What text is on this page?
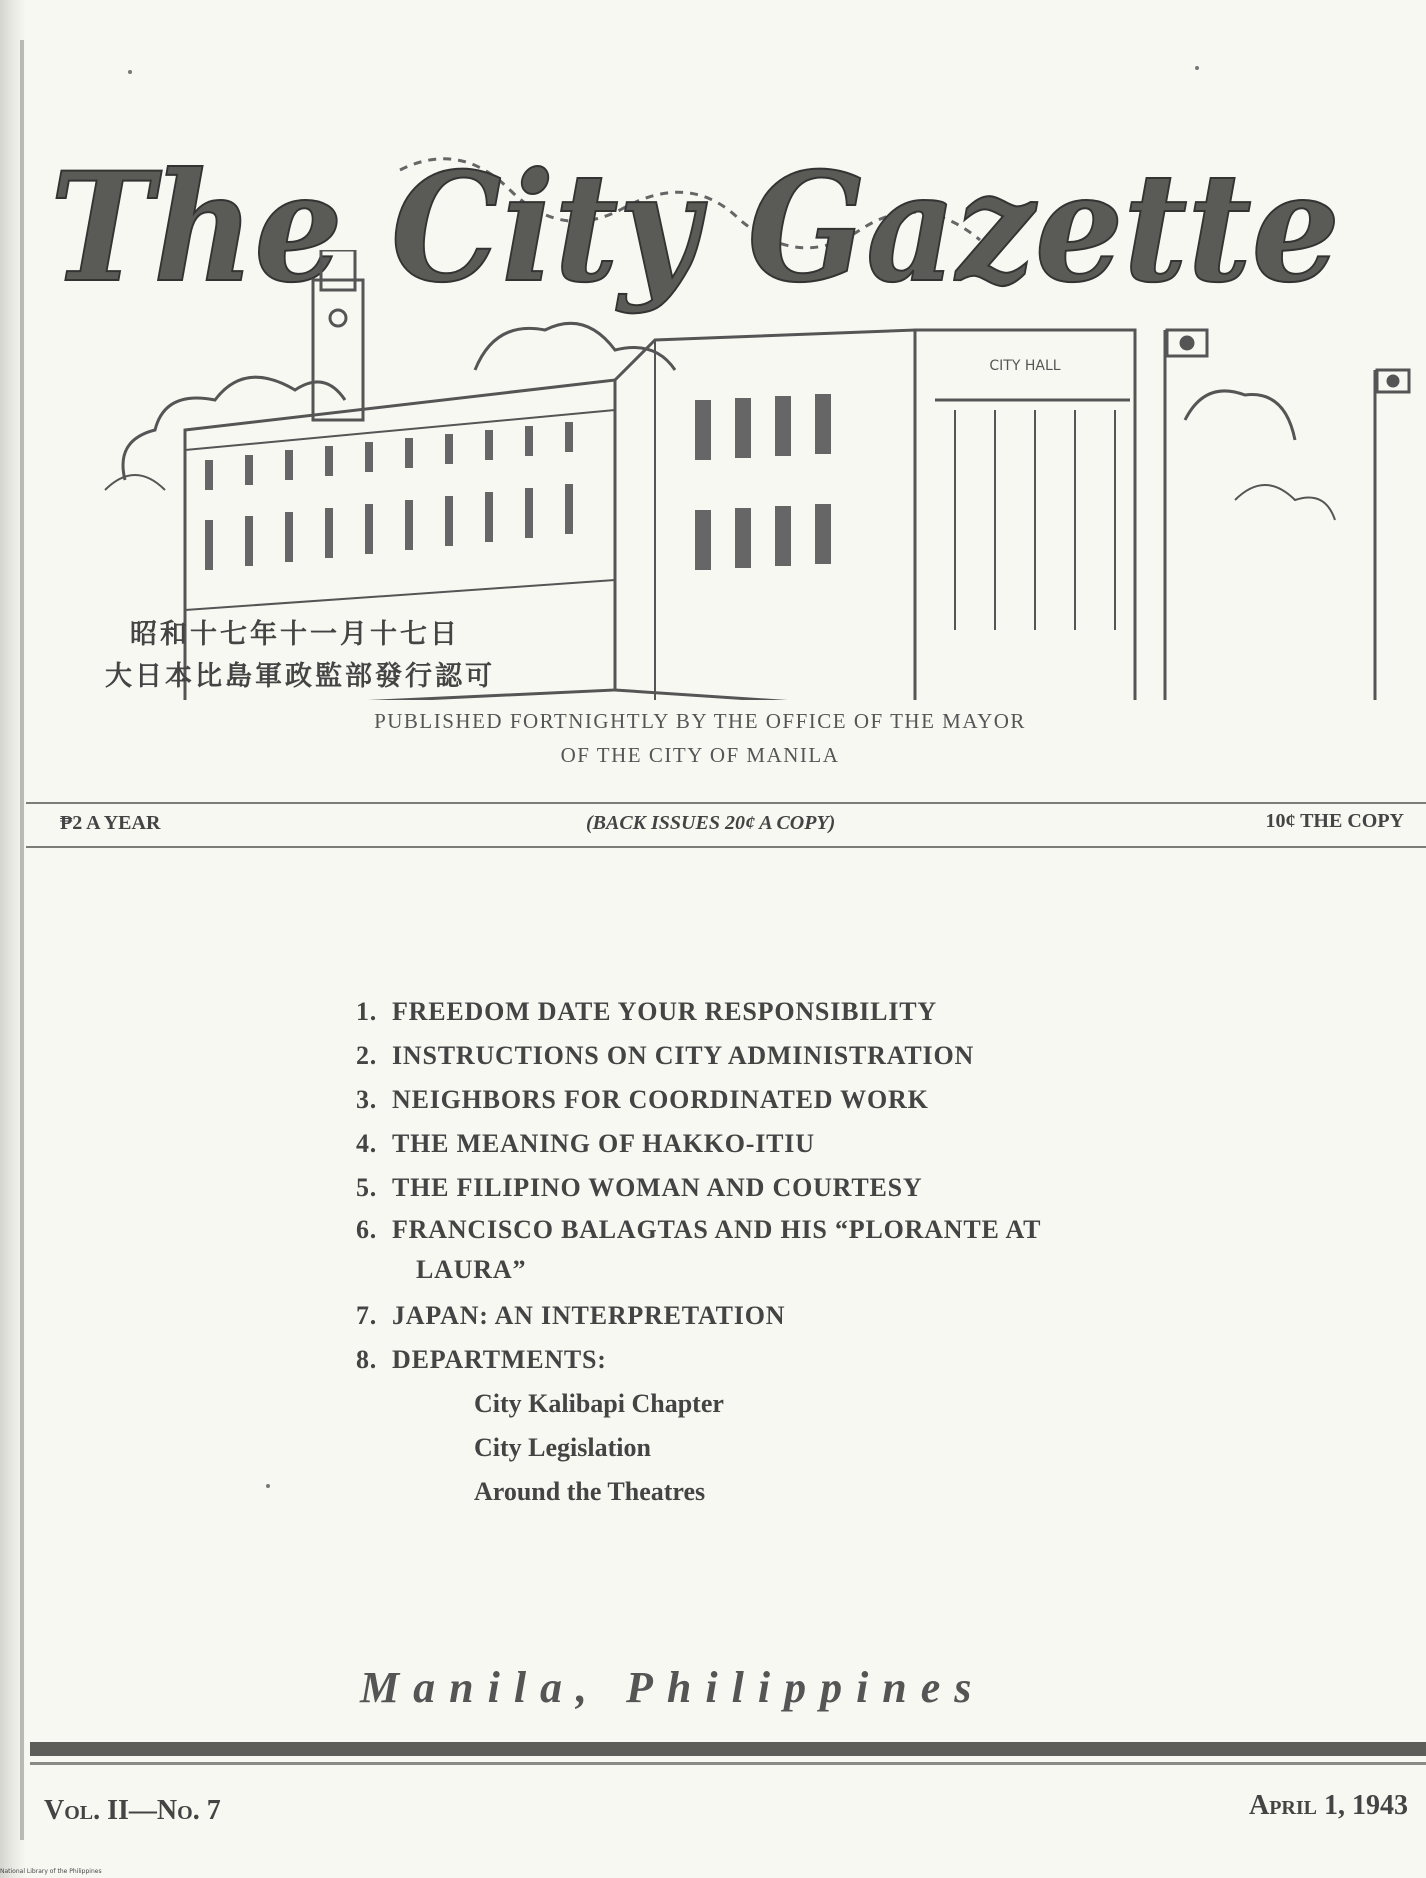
The City Gazette
CITY HALL
昭和十七年十一月十七日
大日本比島軍政監部發行認可
PUBLISHED FORTNIGHTLY BY THE OFFICE OF THE MAYOR
OF THE CITY OF MANILA
₱2 A YEAR	(BACK ISSUES 20¢ A COPY)	10¢ THE COPY
1. FREEDOM DATE YOUR RESPONSIBILITY
2. INSTRUCTIONS ON CITY ADMINISTRATION
3. NEIGHBORS FOR COORDINATED WORK
4. THE MEANING OF HAKKO-ITIU
5. THE FILIPINO WOMAN AND COURTESY
6. FRANCISCO BALAGTAS AND HIS “PLORANTE AT
LAURA”
7. JAPAN: AN INTERPRETATION
8. DEPARTMENTS:
City Kalibapi Chapter
City Legislation
Around the Theatres
Manila, Philippines
Vol. II—No. 7	April 1, 1943
National Library of the Philippines
